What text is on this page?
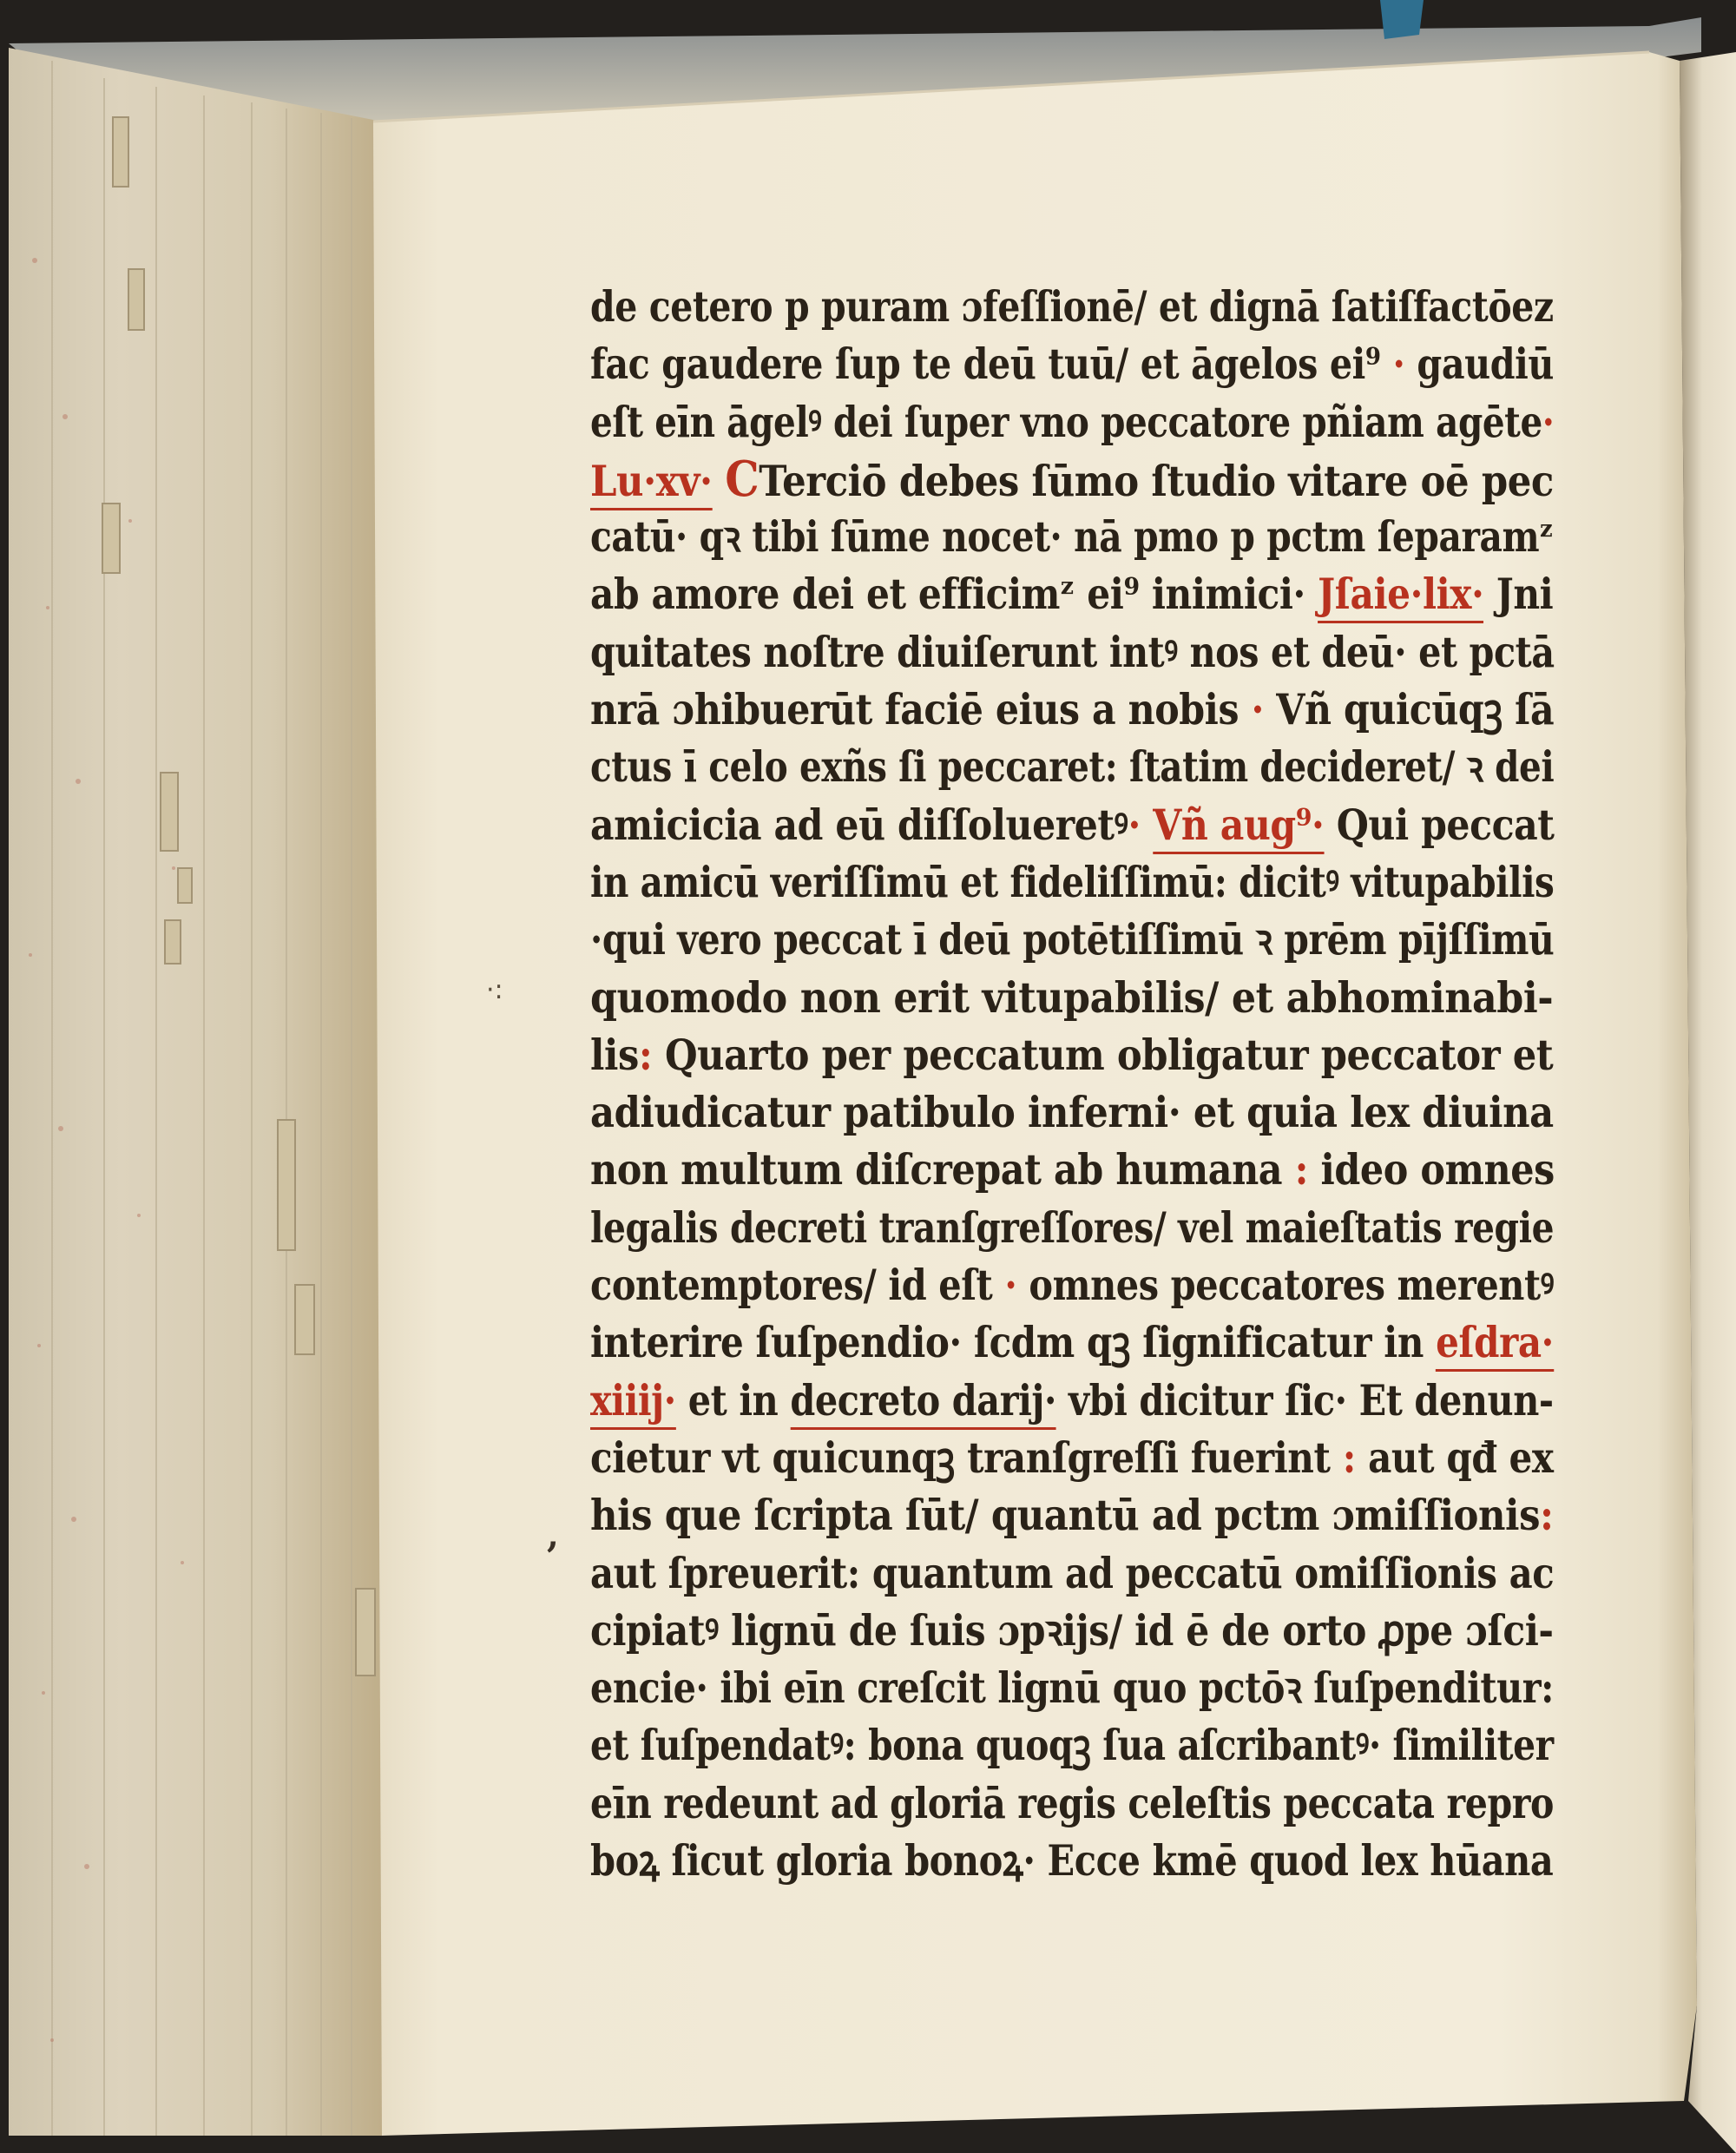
·:
de cetero p puram ɔfeſſionē/ et dignā ſatiſfactōez
fac gaudere ſup te deū tuū/ et āgelos ei⁹ · gaudiū
eſt eīn āgelꝰ dei ſuper vno peccatore pñiam agēte·
Lu·xv· CTerciō debes ſūmo ſtudio vitare oē pec
catū· qꝛ tibi ſūme nocet· nā pmo p pctm ſeparamᶻ
ab amore dei et efficimᶻ ei⁹ inimici· Jſaie·lix· Jni
quitates noſtre diuiſerunt intꝰ nos et deū· et pctā
nrā ɔhibuerūt faciē eius a nobis · Vñ quicūqꝫ ſā
ctus ī celo exñs ſi peccaret: ſtatim decideret/ ꝛ dei
amicicia ad eū diſſolueretꝰ· Vñ aug⁹· Qui peccat
in amicū veriſſimū et fideliſſimū: dicitꝰ vitupabilis
·qui vero peccat ī deū potētiſſimū ꝛ prēm pījſſimū
quomodo non erit vitupabilis/ et abhominabi-
lis: Quarto per peccatum obligatur peccator et
adiudicatur patibulo inferni· et quia lex diuina
non multum diſcrepat ab humana : ideo omnes
legalis decreti tranſgreſſores/ vel maieſtatis regie
contemptores/ id eſt · omnes peccatores merentꝰ
interire ſuſpendio· ſcdm qꝫ ſignificatur in eſdra·
xiiij· et in decreto darij· vbi dicitur ſic· Et denun-
cietur vt quicunqꝫ tranſgreſſi fuerint : aut qđ ex
his que ſcripta ſūt/ quantū ad pctm ɔmiſſionis:
aut ſpreuerit: quantum ad peccatū omiſſionis ac
cipiatꝰ lignū de ſuis ɔpꝛijs/ id ē de orto ꝓpe ɔſci-
encie· ibi eīn creſcit lignū quo pctōꝛ ſuſpenditur:
et ſuſpendatꝰ: bona quoqꝫ ſua aſcribantꝰ· ſimiliter
eīn redeunt ad gloriā regis celeſtis peccata repro
boꝝ ſicut gloria bonoꝝ· Ecce kmē quod lex hūana
,
